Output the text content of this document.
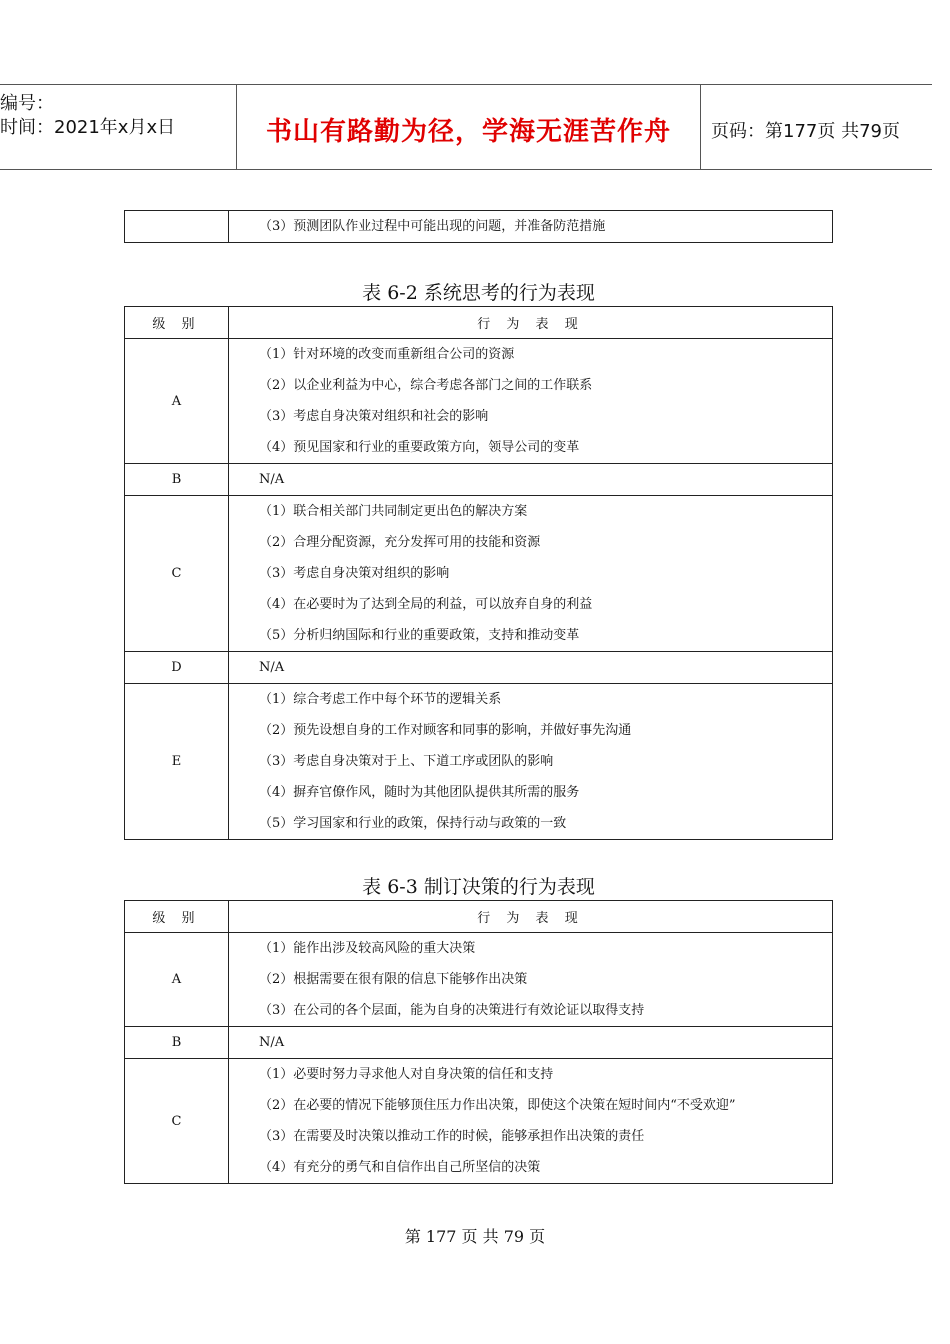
编号：
时间：2021年x月x日	书山有路勤为径，学海无涯苦作舟	页码：第177页 共79页

（3）预测团队作业过程中可能出现的问题，并准备防范措施
表 6-2 系统思考的行为表现
级 别	行 为 表 现
A	（1）针对环境的改变而重新组合公司的资源
（2）以企业利益为中心，综合考虑各部门之间的工作联系
（3）考虑自身决策对组织和社会的影响
（4）预见国家和行业的重要政策方向，领导公司的变革

B	N/A

C	（1）联合相关部门共同制定更出色的解决方案
（2）合理分配资源，充分发挥可用的技能和资源
（3）考虑自身决策对组织的影响
（4）在必要时为了达到全局的利益，可以放弃自身的利益
（5）分析归纳国际和行业的重要政策，支持和推动变革

D	N/A

E	（1）综合考虑工作中每个环节的逻辑关系
（2）预先设想自身的工作对顾客和同事的影响，并做好事先沟通
（3）考虑自身决策对于上、下道工序或团队的影响
（4）摒弃官僚作风，随时为其他团队提供其所需的服务
（5）学习国家和行业的政策，保持行动与政策的一致
表 6-3 制订决策的行为表现
级 别	行 为 表 现
A	（1）能作出涉及较高风险的重大决策
（2）根据需要在很有限的信息下能够作出决策
（3）在公司的各个层面，能为自身的决策进行有效论证以取得支持

B	N/A

C	（1）必要时努力寻求他人对自身决策的信任和支持
（2）在必要的情况下能够顶住压力作出决策，即使这个决策在短时间内“不受欢迎”
（3）在需要及时决策以推动工作的时候，能够承担作出决策的责任
（4）有充分的勇气和自信作出自己所坚信的决策
第 177 页 共 79 页
